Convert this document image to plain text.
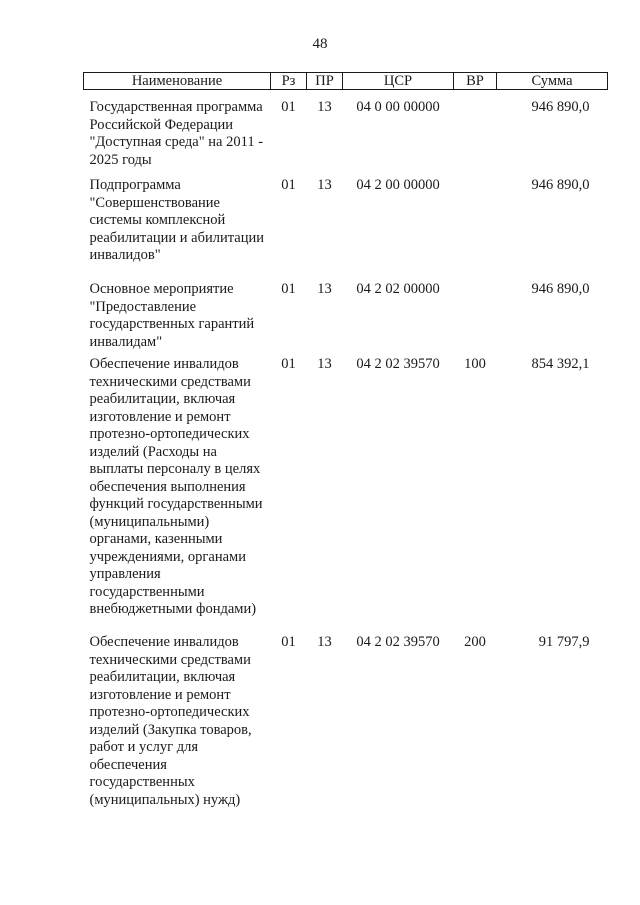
48
Наименование	Рз	ПР	ЦСР	ВР	Сумма
Государственная программа Российской Федерации "Доступная среда" на 2011 - 2025 годы	01	13	04 0 00 00000		946 890,0
Подпрограмма "Совершенствование системы комплексной реабилитации и абилитации инвалидов"	01	13	04 2 00 00000		946 890,0
Основное мероприятие "Предоставление государственных гарантий инвалидам"	01	13	04 2 02 00000		946 890,0
Обеспечение инвалидов техническими средствами реабилитации, включая изготовление и ремонт протезно-ортопедических изделий (Расходы на выплаты персоналу в целях обеспечения выполнения функций государственными (муниципальными) органами, казенными учреждениями, органами управления государственными внебюджетными фондами)	01	13	04 2 02 39570	100	854 392,1
Обеспечение инвалидов техническими средствами реабилитации, включая изготовление и ремонт протезно-ортопедических изделий (Закупка товаров, работ и услуг для обеспечения государственных (муниципальных) нужд)	01	13	04 2 02 39570	200	91 797,9
